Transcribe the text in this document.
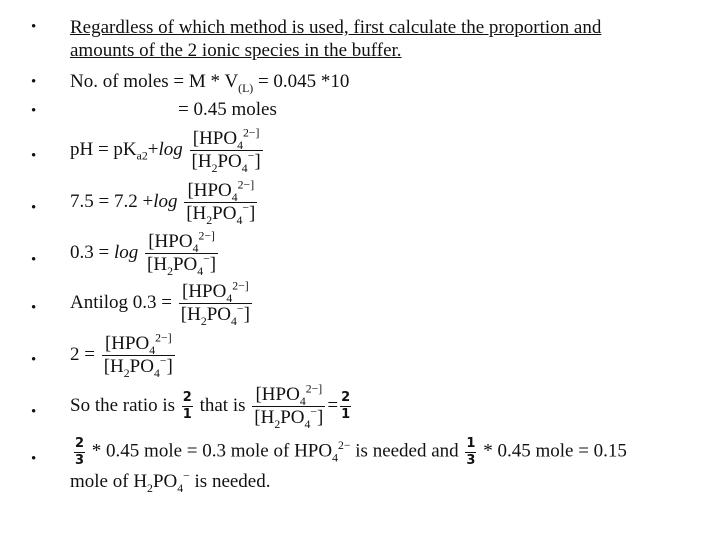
• Regardless of which method is used, first calculate the proportion and
amounts of the 2 ionic species in the buffer.
• No. of moles = $M * V_{(L)} = 0.045$ *10
•	= 0.45 moles
• pH = $pK_{a2}+\log \frac{[HPO_4^{2-]}}{[H_2PO_4^-]}$
• $7.5 = 7.2 +\log \frac{[HPO_4^{2-]}}{[H_2PO_4^-]}$
• $0.3 = \log \frac{[HPO_4^{2-]}}{[H_2PO_4^-]}$
• Antilog $0.3 = \frac{[HPO_4^{2-]}}{[H_2PO_4^-]}$
• $2 = \frac{[HPO_4^{2-]}}{[H_2PO_4^-]}$
• So the ratio is $\frac{2}{1}$ that is $\frac{[HPO_4^{2-]}}{[H_2PO_4^-]} = \frac{2}{1}$
•	$\frac{2}{3} * 0.45$ mole = 0.3 mole of $HPO_4^{2-}$ is needed and $\frac{1}{3} * 0.45$ mole = 0.15
mole of $H_2PO_4^-$ is needed.
